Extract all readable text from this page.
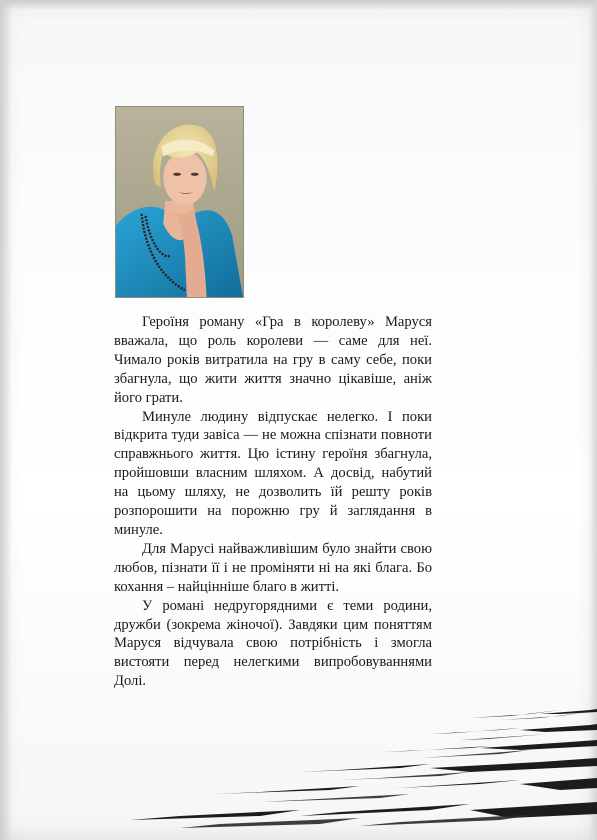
Героїня роману «Гра в королеву» Маруся вважала, що роль королеви — саме для неї. Чимало років витратила на гру в саму себе, поки збагнула, що жити життя значно цікавіше, аніж його грати.

Минуле людину відпускає нелегко. І поки відкрита туди завіса — не можна спізнати повноти справжнього життя. Цю істину героїня збагнула, пройшовши власним шляхом. А досвід, набутий на цьому шляху, не дозволить їй решту років розпорошити на порожню гру й заглядання в минуле.

Для Марусі найважливішим було знайти свою любов, пізнати її і не проміняти ні на які блага. Бо кохання – найцінніше благо в житті.

У романі недругорядними є теми родини, дружби (зокрема жіночої). Завдяки цим поняттям Маруся відчувала свою потрібність і змогла вистояти перед нелегкими випробовуваннями Долі.
